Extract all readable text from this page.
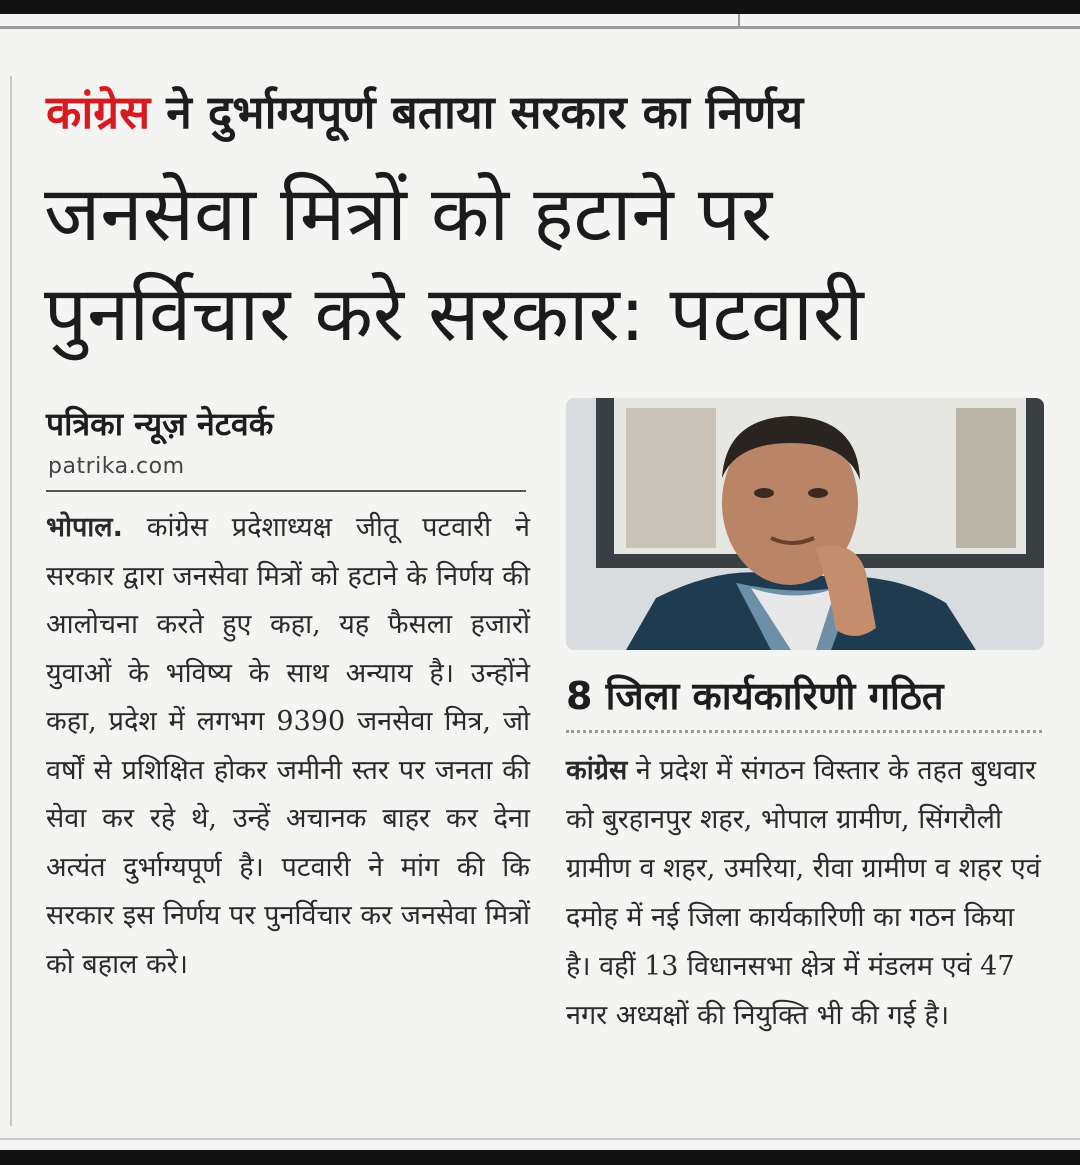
कांग्रेस ने दुर्भाग्यपूर्ण बताया सरकार का निर्णय
जनसेवा मित्रों को हटाने पर
पुनर्विचार करे सरकार: पटवारी
पत्रिका न्यूज़ नेटवर्क
patrika.com
भोपाल. कांग्रेस प्रदेशाध्यक्ष जीतू पटवारी ने सरकार द्वारा जनसेवा मित्रों को हटाने के निर्णय की आलोचना करते हुए कहा, यह फैसला हजारों युवाओं के भविष्य के साथ अन्याय है। उन्होंने कहा, प्रदेश में लगभग 9390 जनसेवा मित्र, जो वर्षों से प्रशिक्षित होकर जमीनी स्तर पर जनता की सेवा कर रहे थे, उन्हें अचानक बाहर कर देना अत्यंत दुर्भाग्यपूर्ण है। पटवारी ने मांग की कि सरकार इस निर्णय पर पुनर्विचार कर जनसेवा मित्रों को बहाल करे।
8 जिला कार्यकारिणी गठित
कांग्रेस ने प्रदेश में संगठन विस्तार के तहत बुधवार को बुरहानपुर शहर, भोपाल ग्रामीण, सिंगरौली ग्रामीण व शहर, उमरिया, रीवा ग्रामीण व शहर एवं दमोह में नई जिला कार्यकारिणी का गठन किया है। वहीं 13 विधानसभा क्षेत्र में मंडलम एवं 47 नगर अध्यक्षों की नियुक्ति भी की गई है।
